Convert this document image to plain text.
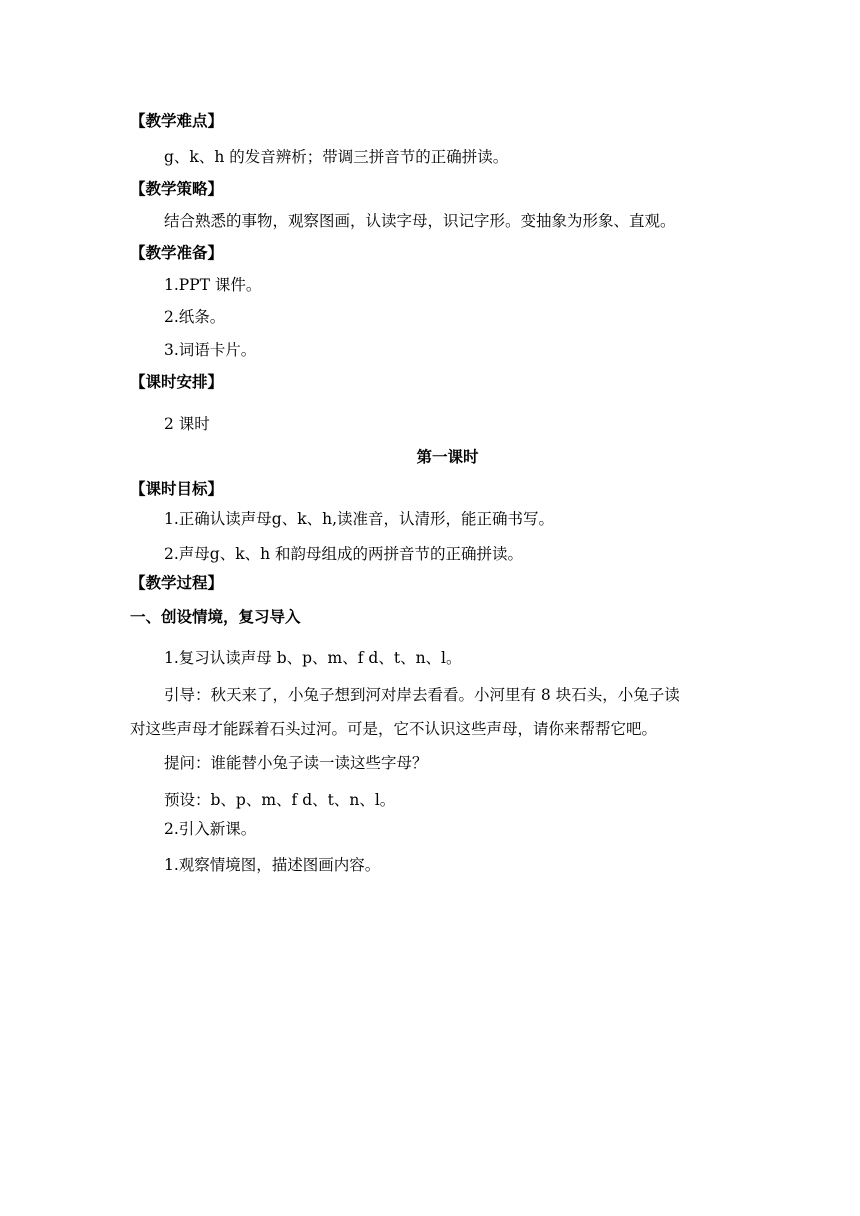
【教学难点】
g、k、h 的发音辨析；带调三拼音节的正确拼读。
【教学策略】
结合熟悉的事物，观察图画，认读字母，识记字形。变抽象为形象、直观。
【教学准备】
1.PPT 课件。
2.纸条。
3.词语卡片。
【课时安排】
2 课时
第一课时
【课时目标】
1.正确认读声母g、k、h,读准音，认清形，能正确书写。
2.声母g、k、h 和韵母组成的两拼音节的正确拼读。
【教学过程】
一、创设情境，复习导入
1.复习认读声母 b、p、m、f d、t、n、l。
引导：秋天来了，小兔子想到河对岸去看看。小河里有 8 块石头，小兔子读
对这些声母才能踩着石头过河。可是，它不认识这些声母，请你来帮帮它吧。
提问：谁能替小兔子读一读这些字母？
预设：b、p、m、f d、t、n、l。
2.引入新课。
1.观察情境图，描述图画内容。
